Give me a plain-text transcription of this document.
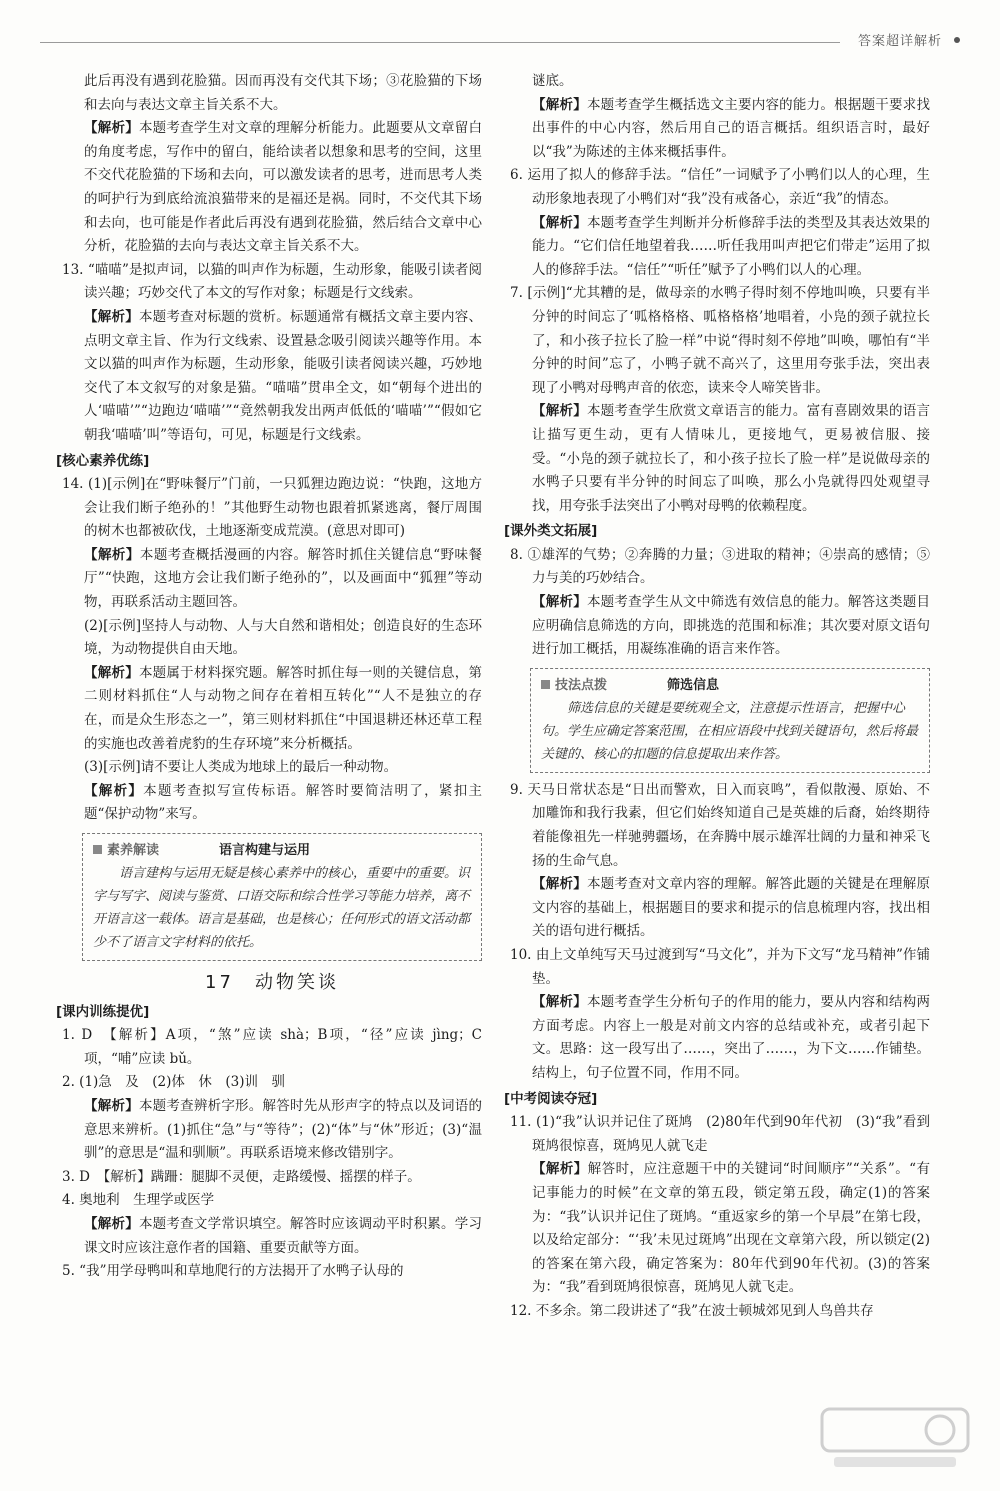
答案超详解析

此后再没有遇到花脸猫。因而再没有交代其下场；③花脸猫的下场和去向与表达文章主旨关系不大。

【解析】本题考查学生对文章的理解分析能力。此题要从文章留白的角度考虑，写作中的留白，能给读者以想象和思考的空间，这里不交代花脸猫的下场和去向，可以激发读者的思考，进而思考人类的呵护行为到底给流浪猫带来的是福还是祸。同时，不交代其下场和去向，也可能是作者此后再没有遇到花脸猫，然后结合文章中心分析，花脸猫的去向与表达文章主旨关系不大。

13. “喵喵”是拟声词，以猫的叫声作为标题，生动形象，能吸引读者阅读兴趣；巧妙交代了本文的写作对象；标题是行文线索。

【解析】本题考查对标题的赏析。标题通常有概括文章主要内容、点明文章主旨、作为行文线索、设置悬念吸引阅读兴趣等作用。本文以猫的叫声作为标题，生动形象，能吸引读者阅读兴趣，巧妙地交代了本文叙写的对象是猫。“喵喵”贯串全文，如“朝每个进出的人‘喵喵’”“边跑边‘喵喵’”“竟然朝我发出两声低低的‘喵喵’”“假如它朝我‘喵喵’叫”等语句，可见，标题是行文线索。

[核心素养优练]

14. (1)[示例]在“野味餐厅”门前，一只狐狸边跑边说：“快跑，这地方会让我们断子绝孙的！”其他野生动物也跟着抓紧逃离，餐厅周围的树木也都被砍伐，土地逐渐变成荒漠。(意思对即可)

【解析】本题考查概括漫画的内容。解答时抓住关键信息“野味餐厅”“快跑，这地方会让我们断子绝孙的”，以及画面中“狐狸”等动物，再联系活动主题回答。

(2)[示例]坚持人与动物、人与大自然和谐相处；创造良好的生态环境，为动物提供自由天地。

【解析】本题属于材料探究题。解答时抓住每一则的关键信息，第二则材料抓住“人与动物之间存在着相互转化”“人不是独立的存在，而是众生形态之一”，第三则材料抓住“中国退耕还林还草工程的实施也改善着虎豹的生存环境”来分析概括。

(3)[示例]请不要让人类成为地球上的最后一种动物。

【解析】本题考查拟写宣传标语。解答时要简洁明了，紧扣主题“保护动物”来写。

素养解读	语言构建与运用
语言建构与运用无疑是核心素养中的核心，重要中的重要。识字与写字、阅读与鉴赏、口语交际和综合性学习等能力培养，离不开语言这一载体。语言是基础，也是核心；任何形式的语文活动都少不了语言文字材料的依托。
17　动物笑谈
[课内训练提优]

1. D　【解析】A项，“煞”应读 shà；B项，“径”应读 jìng；C项，“哺”应读 bǔ。

2. (1)急　及　(2)体　休　(3)训　驯

【解析】本题考查辨析字形。解答时先从形声字的特点以及词语的意思来辨析。(1)抓住“急”与“等待”；(2)“体”与“休”形近；(3)“温驯”的意思是“温和驯顺”。再联系语境来修改错别字。

3. D　【解析】蹒跚：腿脚不灵便，走路缓慢、摇摆的样子。

4. 奥地利　生理学或医学

【解析】本题考查文学常识填空。解答时应该调动平时积累。学习课文时应该注意作者的国籍、重要贡献等方面。

5. “我”用学母鸭叫和草地爬行的方法揭开了水鸭子认母的

谜底。

【解析】本题考查学生概括选文主要内容的能力。根据题干要求找出事件的中心内容，然后用自己的语言概括。组织语言时，最好以“我”为陈述的主体来概括事件。

6. 运用了拟人的修辞手法。“信任”一词赋予了小鸭们以人的心理，生动形象地表现了小鸭们对“我”没有戒备心，亲近“我”的情态。

【解析】本题考查学生判断并分析修辞手法的类型及其表达效果的能力。“它们信任地望着我……听任我用叫声把它们带走”运用了拟人的修辞手法。“信任”“听任”赋予了小鸭们以人的心理。

7. [示例]“尤其糟的是，做母亲的水鸭子得时刻不停地叫唤，只要有半分钟的时间忘了‘呱格格格、呱格格格’地唱着，小凫的颈子就拉长了，和小孩子拉长了脸一样”中说“得时刻不停地”叫唤，哪怕有“半分钟的时间”忘了，小鸭子就不高兴了，这里用夸张手法，突出表现了小鸭对母鸭声音的依恋，读来令人啼笑皆非。

【解析】本题考查学生欣赏文章语言的能力。富有喜剧效果的语言让描写更生动，更有人情味儿，更接地气，更易被信服、接受。“小凫的颈子就拉长了，和小孩子拉长了脸一样”是说做母亲的水鸭子只要有半分钟的时间忘了叫唤，那么小凫就得四处观望寻找，用夸张手法突出了小鸭对母鸭的依赖程度。

[课外类文拓展]

8. ①雄浑的气势；②奔腾的力量；③进取的精神；④崇高的感情；⑤力与美的巧妙结合。

【解析】本题考查学生从文中筛选有效信息的能力。解答这类题目应明确信息筛选的方向，即挑选的范围和标准；其次要对原文语句进行加工概括，用凝练准确的语言来作答。

技法点拨	筛选信息
筛选信息的关键是要统观全文，注意提示性语言，把握中心句。学生应确定答案范围，在相应语段中找到关键语句，然后将最关键的、核心的扣题的信息提取出来作答。

9. 天马日常状态是“日出而警欢，日入而哀鸣”，看似散漫、原始、不加雕饰和我行我素，但它们始终知道自己是英雄的后裔，始终期待着能像祖先一样驰骋疆场，在奔腾中展示雄浑壮阔的力量和神采飞扬的生命气息。

【解析】本题考查对文章内容的理解。解答此题的关键是在理解原文内容的基础上，根据题目的要求和提示的信息梳理内容，找出相关的语句进行概括。

10. 由上文单纯写天马过渡到写“马文化”，并为下文写“龙马精神”作铺垫。

【解析】本题考查学生分析句子的作用的能力，要从内容和结构两方面考虑。内容上一般是对前文内容的总结或补充，或者引起下文。思路：这一段写出了……，突出了……，为下文……作铺垫。结构上，句子位置不同，作用不同。

[中考阅读夺冠]

11. (1)“我”认识并记住了斑鸠　(2)80年代到90年代初　(3)“我”看到斑鸠很惊喜，斑鸠见人就飞走

【解析】解答时，应注意题干中的关键词“时间顺序”“关系”。“有记事能力的时候”在文章的第五段，锁定第五段，确定(1)的答案为：“我”认识并记住了斑鸠。“重返家乡的第一个早晨”在第七段，以及给定部分：“‘我’未见过斑鸠”出现在文章第六段，所以锁定(2)的答案在第六段，确定答案为：80年代到90年代初。(3)的答案为：“我”看到斑鸠很惊喜，斑鸠见人就飞走。

12. 不多余。第二段讲述了“我”在波士顿城郊见到人鸟兽共存
